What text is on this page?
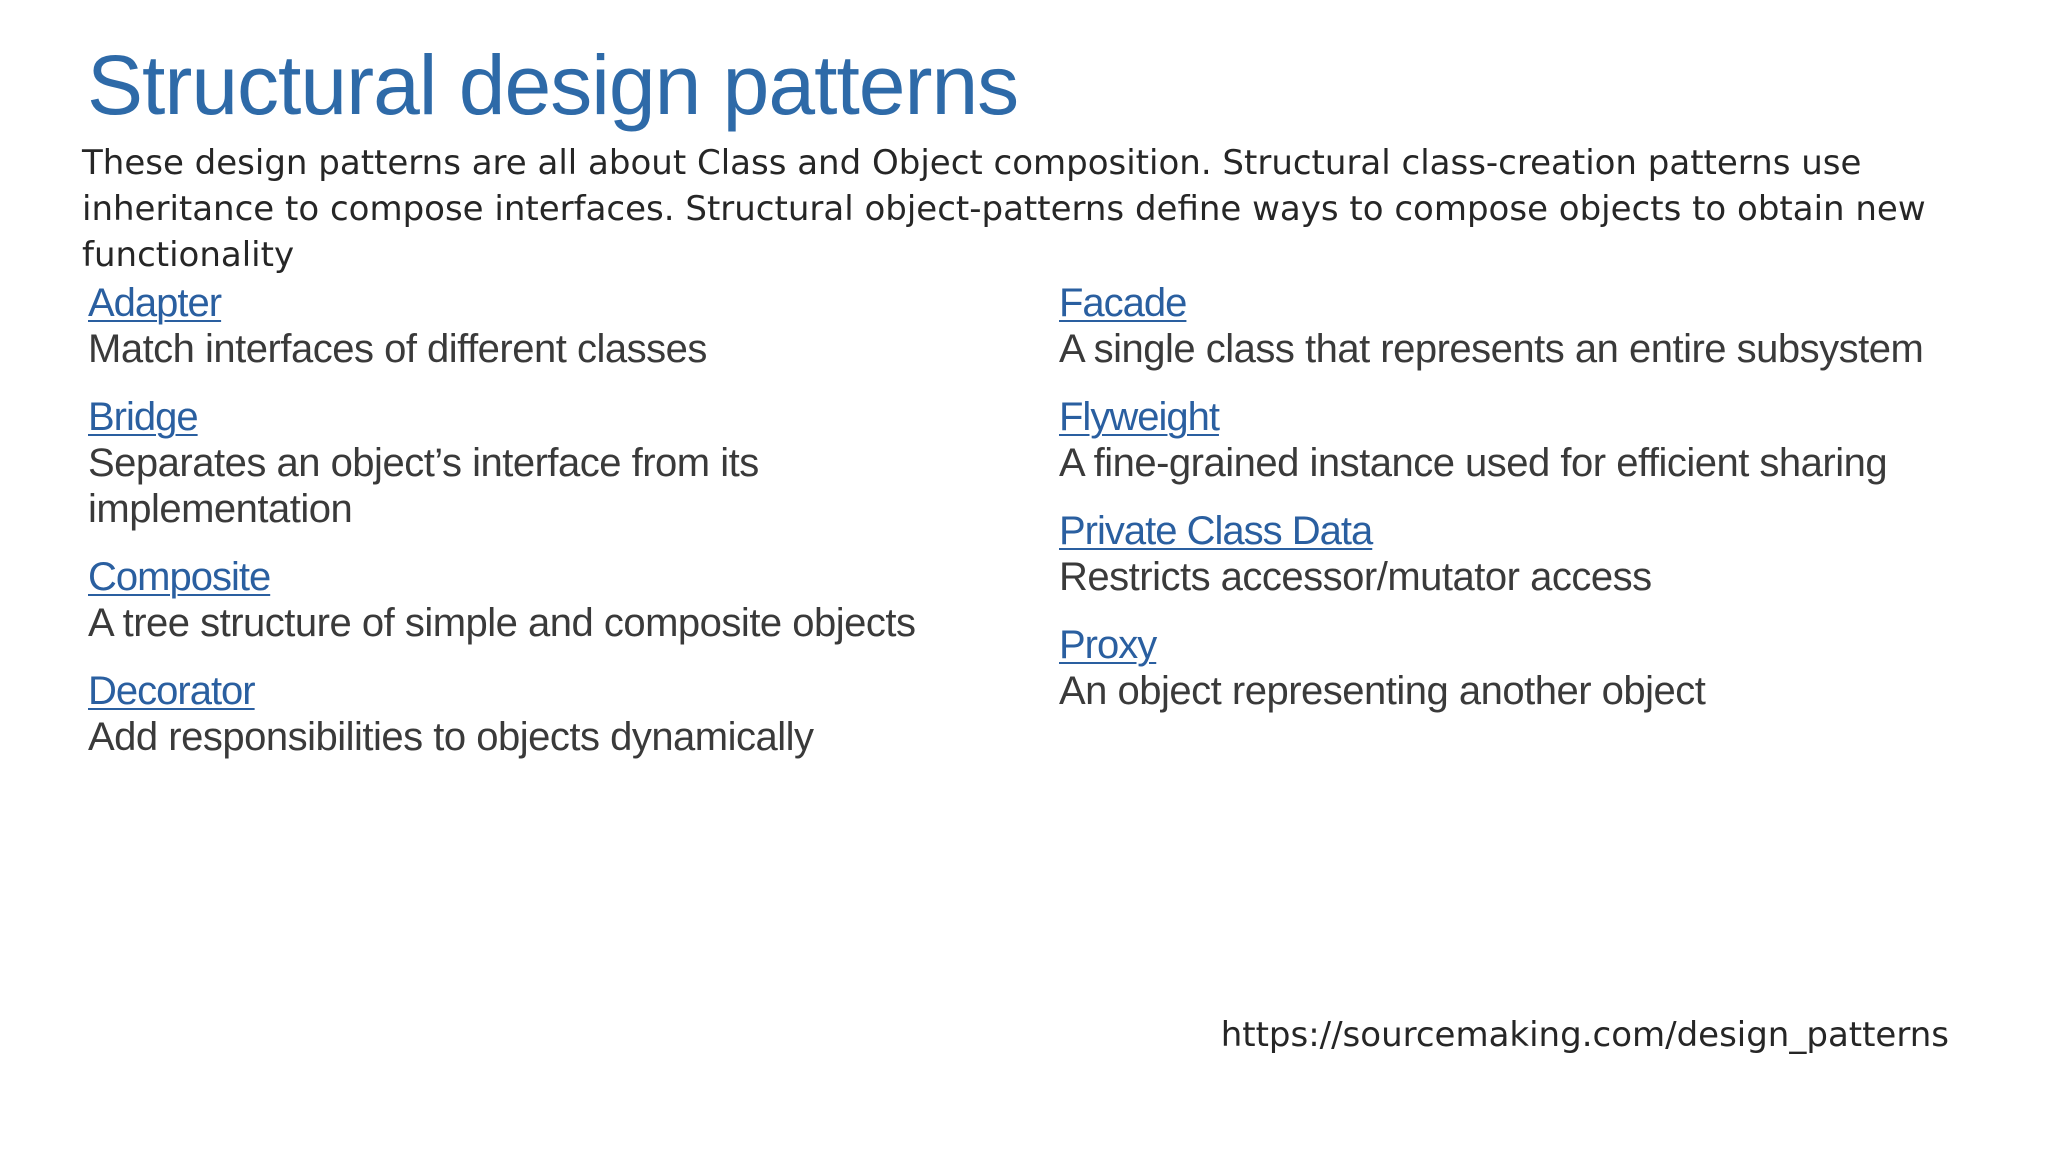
Structural design patterns

These design patterns are all about Class and Object composition. Structural class-creation patterns use inheritance to compose interfaces. Structural object-patterns define ways to compose objects to obtain new functionality

Adapter
Match interfaces of different classes
Bridge
Separates an object’s interface from its implementation
Composite
A tree structure of simple and composite objects
Decorator
Add responsibilities to objects dynamically
Facade
A single class that represents an entire subsystem
Flyweight
A fine-grained instance used for efficient sharing
Private Class Data
Restricts accessor/mutator access
Proxy
An object representing another object
https://sourcemaking.com/design_patterns
